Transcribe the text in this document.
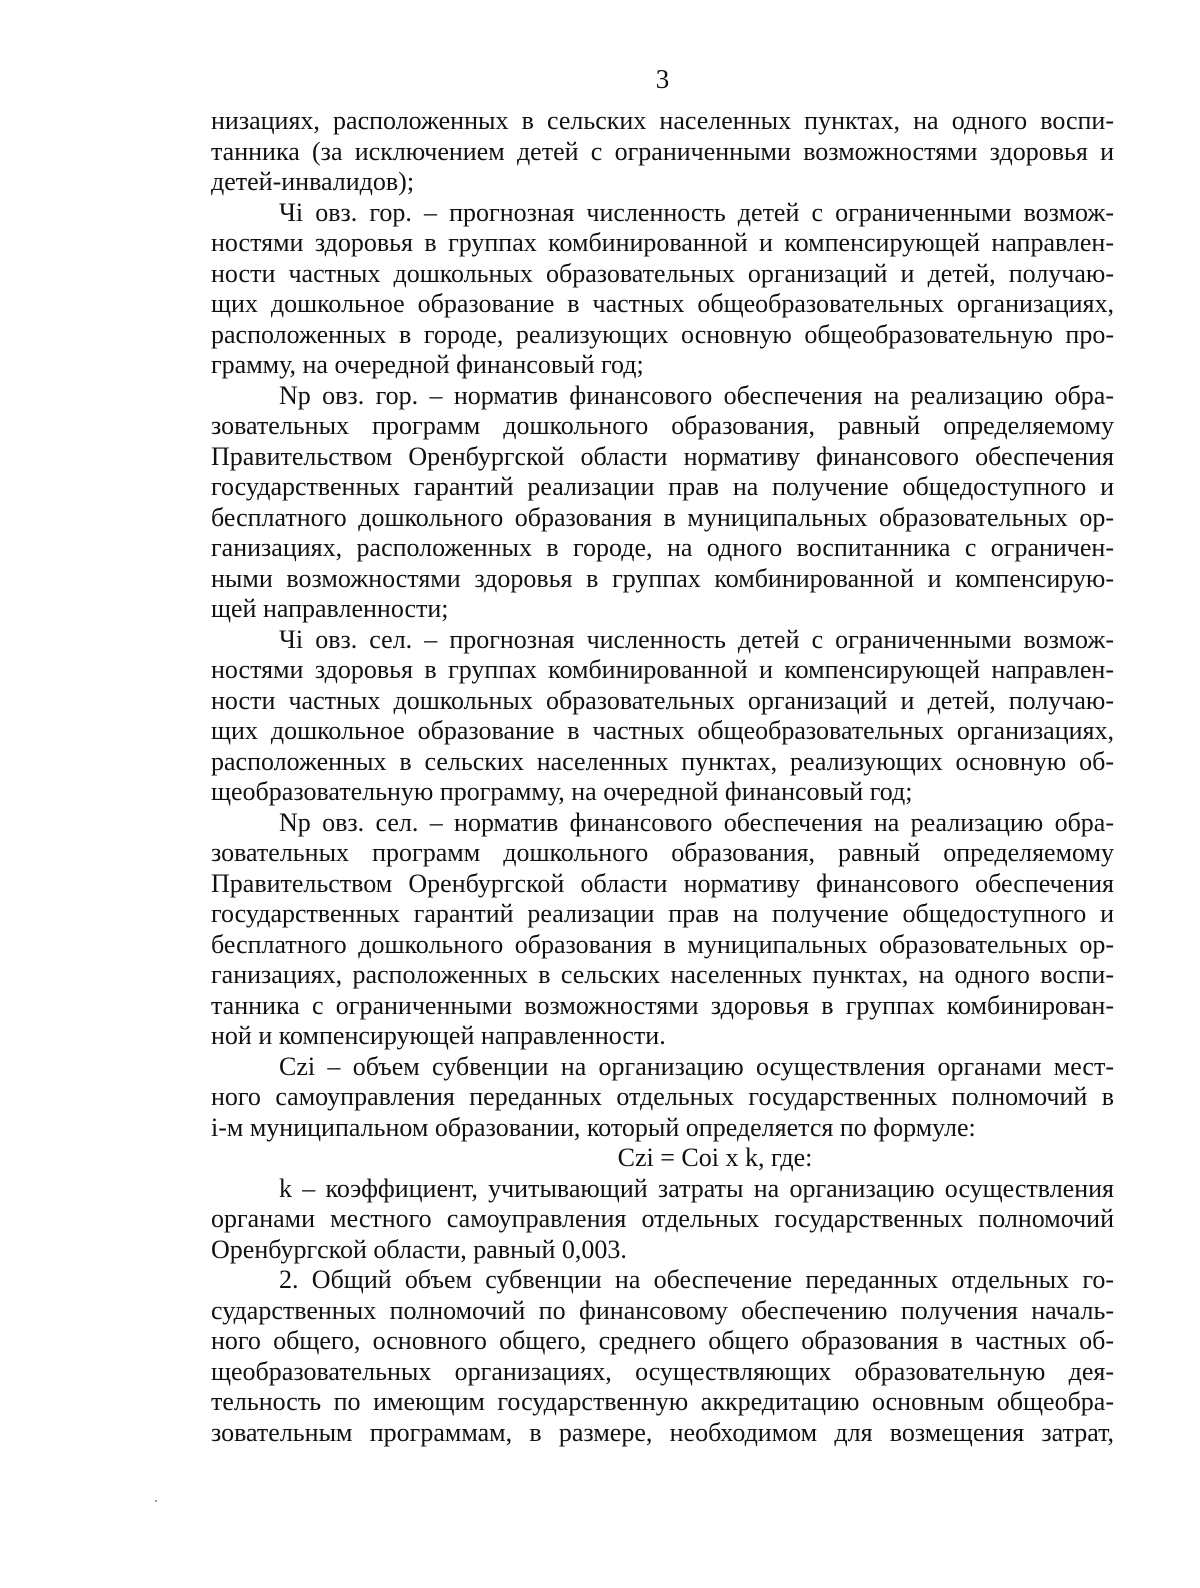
3
низациях, расположенных в сельских населенных пунктах, на одного воспи-
танника (за исключением детей с ограниченными возможностями здоровья и
детей-инвалидов);
Чi овз. гор. – прогнозная численность детей с ограниченными возмож-
ностями здоровья в группах комбинированной и компенсирующей направлен-
ности частных дошкольных образовательных организаций и детей, получаю-
щих дошкольное образование в частных общеобразовательных организациях,
расположенных в городе, реализующих основную общеобразовательную про-
грамму, на очередной финансовый год;
Np овз. гор. – норматив финансового обеспечения на реализацию обра-
зовательных программ дошкольного образования, равный определяемому
Правительством Оренбургской области нормативу финансового обеспечения
государственных гарантий реализации прав на получение общедоступного и
бесплатного дошкольного образования в муниципальных образовательных ор-
ганизациях, расположенных в городе, на одного воспитанника с ограничен-
ными возможностями здоровья в группах комбинированной и компенсирую-
щей направленности;
Чi овз. сел. – прогнозная численность детей с ограниченными возмож-
ностями здоровья в группах комбинированной и компенсирующей направлен-
ности частных дошкольных образовательных организаций и детей, получаю-
щих дошкольное образование в частных общеобразовательных организациях,
расположенных в сельских населенных пунктах, реализующих основную об-
щеобразовательную программу, на очередной финансовый год;
Np овз. сел. – норматив финансового обеспечения на реализацию обра-
зовательных программ дошкольного образования, равный определяемому
Правительством Оренбургской области нормативу финансового обеспечения
государственных гарантий реализации прав на получение общедоступного и
бесплатного дошкольного образования в муниципальных образовательных ор-
ганизациях, расположенных в сельских населенных пунктах, на одного воспи-
танника с ограниченными возможностями здоровья в группах комбинирован-
ной и компенсирующей направленности.
Czi – объем субвенции на организацию осуществления органами мест-
ного самоуправления переданных отдельных государственных полномочий в
i-м муниципальном образовании, который определяется по формуле:
Czi = Coi x k, где:
k – коэффициент, учитывающий затраты на организацию осуществления
органами местного самоуправления отдельных государственных полномочий
Оренбургской области, равный 0,003.
2. Общий объем субвенции на обеспечение переданных отдельных го-
сударственных полномочий по финансовому обеспечению получения началь-
ного общего, основного общего, среднего общего образования в частных об-
щеобразовательных организациях, осуществляющих образовательную дея-
тельность по имеющим государственную аккредитацию основным общеобра-
зовательным программам, в размере, необходимом для возмещения затрат,
